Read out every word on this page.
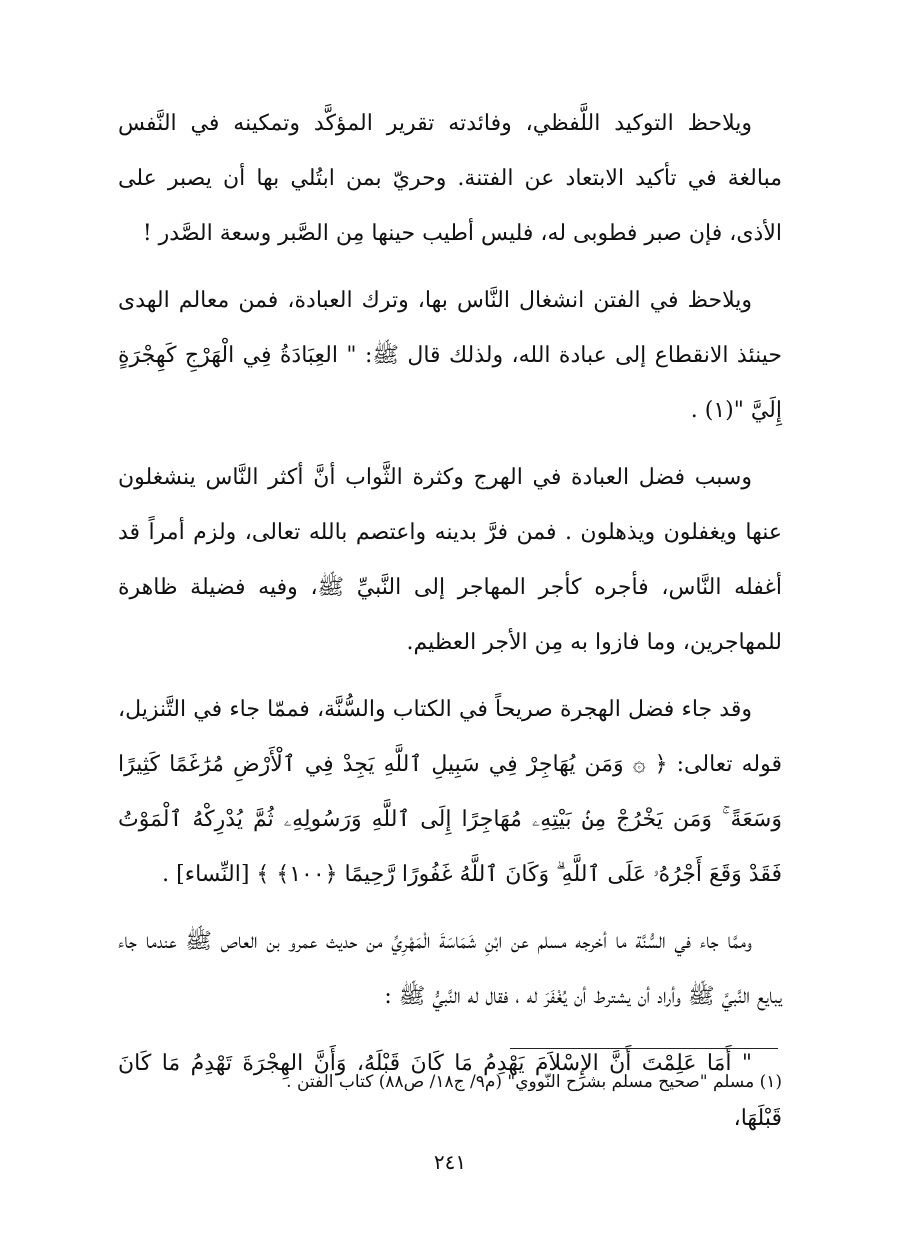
ويلاحظ التوكيد اللَّفظي، وفائدته تقرير المؤكَّد وتمكينه في النَّفس مبالغة في تأكيد الابتعاد عن الفتنة. وحريّ بمن ابتُلي بها أن يصبر على الأذى، فإن صبر فطوبى له، فليس أطيب حينها مِن الصَّبر وسعة الصَّدر !

ويلاحظ في الفتن انشغال النَّاس بها، وترك العبادة، فمن معالم الهدى حينئذ الانقطاع إلى عبادة الله، ولذلك قال ﷺ: " العِبَادَةُ فِي الْهَرْجِ كَهِجْرَةٍ إِلَيَّ "(١) .

وسبب فضل العبادة في الهرج وكثرة الثَّواب أنَّ أكثر النَّاس ينشغلون عنها ويغفلون ويذهلون . فمن فرَّ بدينه واعتصم بالله تعالى، ولزم أمراً قد أغفله النَّاس، فأجره كأجر المهاجر إلى النَّبيِّ ﷺ، وفيه فضيلة ظاهرة للمهاجرين، وما فازوا به مِن الأجر العظيم.

وقد جاء فضل الهجرة صريحاً في الكتاب والسُّنَّة، فممّا جاء في التَّنزيل، قوله تعالى: ﴿ ۞ وَمَن يُهَاجِرْ فِي سَبِيلِ ٱللَّهِ يَجِدْ فِي ٱلْأَرْضِ مُرَٰغَمًا كَثِيرًا وَسَعَةً ۚ وَمَن يَخْرُجْ مِنۢ بَيْتِهِۦ مُهَاجِرًا إِلَى ٱللَّهِ وَرَسُولِهِۦ ثُمَّ يُدْرِكْهُ ٱلْمَوْتُ فَقَدْ وَقَعَ أَجْرُهُۥ عَلَى ٱللَّهِ ۗ وَكَانَ ٱللَّهُ غَفُورًا رَّحِيمًا ﴿١٠٠﴾ ﴾ [النِّساء] .

وممَّا جاء في السُّنَّة ما أخرجه مسلم عن ابْنِ شَمَاسَةَ الْمَهْرِيِّ من حديث عمرو بن العاص ﷺ عندما جاء يبايع النَّبيَّ ﷺ وأراد أن يشترط أن يُغْفَرَ له ، فقال له النَّبيُّ ﷺ :

" أَمَا عَلِمْتَ أَنَّ الإِسْلاَمَ يَهْدِمُ مَا كَانَ قَبْلَهُ، وَأَنَّ الهِجْرَةَ تَهْدِمُ مَا كَانَ قَبْلَهَا،

(١) مسلم "صحيح مسلم بشرح النّووي" (م٩/ ج١٨/ ص٨٨) كتاب الفتن .
٢٤١
